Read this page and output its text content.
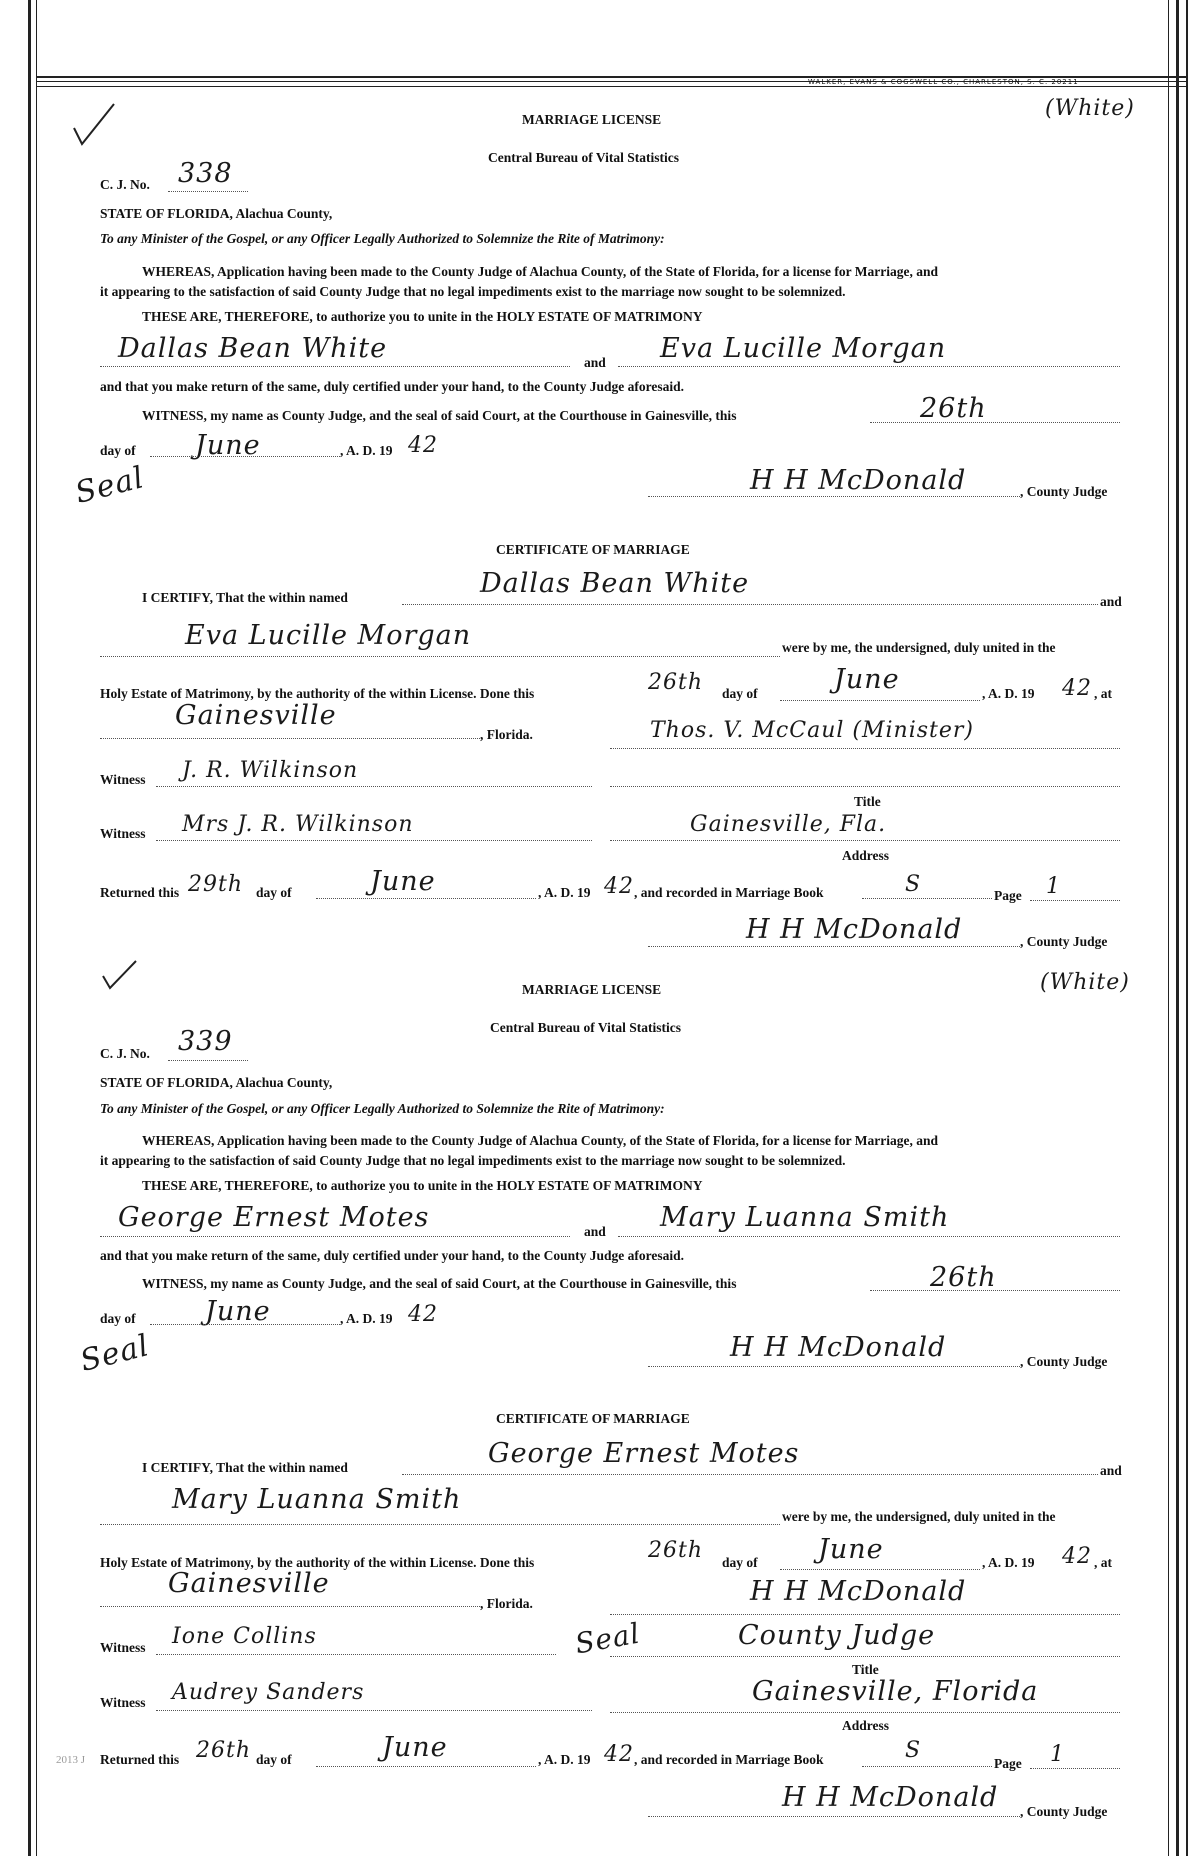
WALKER, EVANS & COGSWELL CO., CHARLESTON, S. C. 20211
(White)
MARRIAGE LICENSE
Central Bureau of Vital Statistics
C. J. No. 338
STATE OF FLORIDA, Alachua County,
To any Minister of the Gospel, or any Officer Legally Authorized to Solemnize the Rite of Matrimony:
WHEREAS, Application having been made to the County Judge of Alachua County, of the State of Florida, for a license for Marriage, and
it appearing to the satisfaction of said County Judge that no legal impediments exist to the marriage now sought to be solemnized.
THESE ARE, THEREFORE, to authorize you to unite in the HOLY ESTATE OF MATRIMONY
Dallas Bean White	and Eva Lucille Morgan
and that you make return of the same, duly certified under your hand, to the County Judge aforesaid.
WITNESS, my name as County Judge, and the seal of said Court, at the Courthouse in Gainesville, this	26th
day of June	, A. D. 19 42
Seal	H H McDonald	, County Judge
CERTIFICATE OF MARRIAGE
I CERTIFY, That the within named	Dallas Bean White
and
Eva Lucille Morgan	were by me, the undersigned, duly united in the
Holy Estate of Matrimony, by the authority of the within License. Done this	26th day of	June	, A. D. 19 42 , at
Gainesville
, Florida.	Thos. V. McCaul (Minister)
Witness J. R. Wilkinson
Title
Witness Mrs J. R. Wilkinson	Gainesville, Fla.
Address
Returned this 29th day of	June	, A. D. 19 42 , and recorded in Marriage Book	S	Page 1
H H McDonald	, County Judge
(White)
MARRIAGE LICENSE
Central Bureau of Vital Statistics
C. J. No. 339
STATE OF FLORIDA, Alachua County,
To any Minister of the Gospel, or any Officer Legally Authorized to Solemnize the Rite of Matrimony:
WHEREAS, Application having been made to the County Judge of Alachua County, of the State of Florida, for a license for Marriage, and
it appearing to the satisfaction of said County Judge that no legal impediments exist to the marriage now sought to be solemnized.
THESE ARE, THEREFORE, to authorize you to unite in the HOLY ESTATE OF MATRIMONY
George Ernest Motes	and Mary Luanna Smith
and that you make return of the same, duly certified under your hand, to the County Judge aforesaid.
WITNESS, my name as County Judge, and the seal of said Court, at the Courthouse in Gainesville, this	26th
day of	June	, A. D. 19 42
Seal	H H McDonald	, County Judge
CERTIFICATE OF MARRIAGE
I CERTIFY, That the within named	George Ernest Motes
and
Mary Luanna Smith
were by me, the undersigned, duly united in the
Holy Estate of Matrimony, by the authority of the within License. Done this	26th day of June	, A. D. 19 42 , at
Gainesville
, Florida.	H H McDonald
Witness Ione Collins	Seal	County Judge
Title
Witness Audrey Sanders	Gainesville, Florida
Address
2013 J Returned this 26th day of	June	, A. D. 19 42 , and recorded in Marriage Book	S
Page 1
H H McDonald , County Judge
